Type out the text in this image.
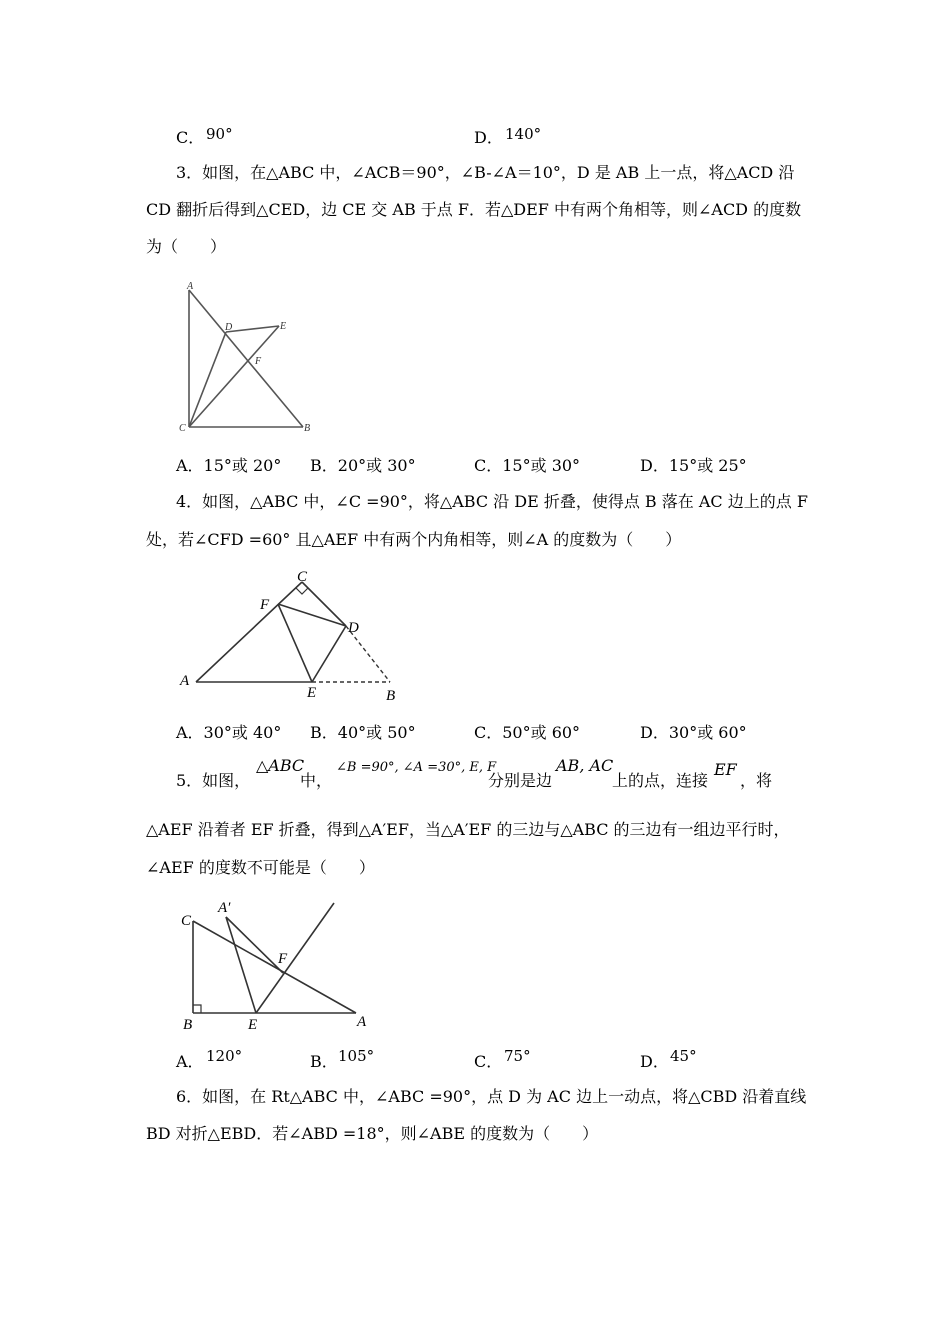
C． 90°	D． 140°
3．如图，在△ABC 中，∠ACB＝90°，∠B-∠A＝10°，D 是 AB 上一点，将△ACD 沿
CD 翻折后得到△CED，边 CE 交 AB 于点 F．若△DEF 中有两个角相等，则∠ACD 的度数
为（　　）
A
C	B
D	E
F
A．15°或 20° B．20°或 30°	C．15°或 30°	D．15°或 25°
4．如图，△ABC 中，∠C =90°，将△ABC 沿 DE 折叠，使得点 B 落在 AC 边上的点 F
处，若∠CFD =60° 且△AEF 中有两个内角相等，则∠A 的度数为（　　）
A
B
C
D
E
F
A．30°或 40° B．40°或 50°	C．50°或 60°	D．30°或 60°
5．如图，
△ABC
中，
∠B =90°, ∠A =30°, E, F
分别是边
AB, AC
上的点，连接
EF
，将
△AEF 沿着者 EF 折叠，得到△A′EF，当△A′EF 的三边与△ABC 的三边有一组边平行时，
∠AEF 的度数不可能是（　　）
C
A′
F
B	E	A
A． 120°	B． 105°	C． 75°	D． 45°
6．如图，在 Rt△ABC 中，∠ABC =90°，点 D 为 AC 边上一动点，将△CBD 沿着直线
BD 对折△EBD．若∠ABD =18°，则∠ABE 的度数为（　　）
